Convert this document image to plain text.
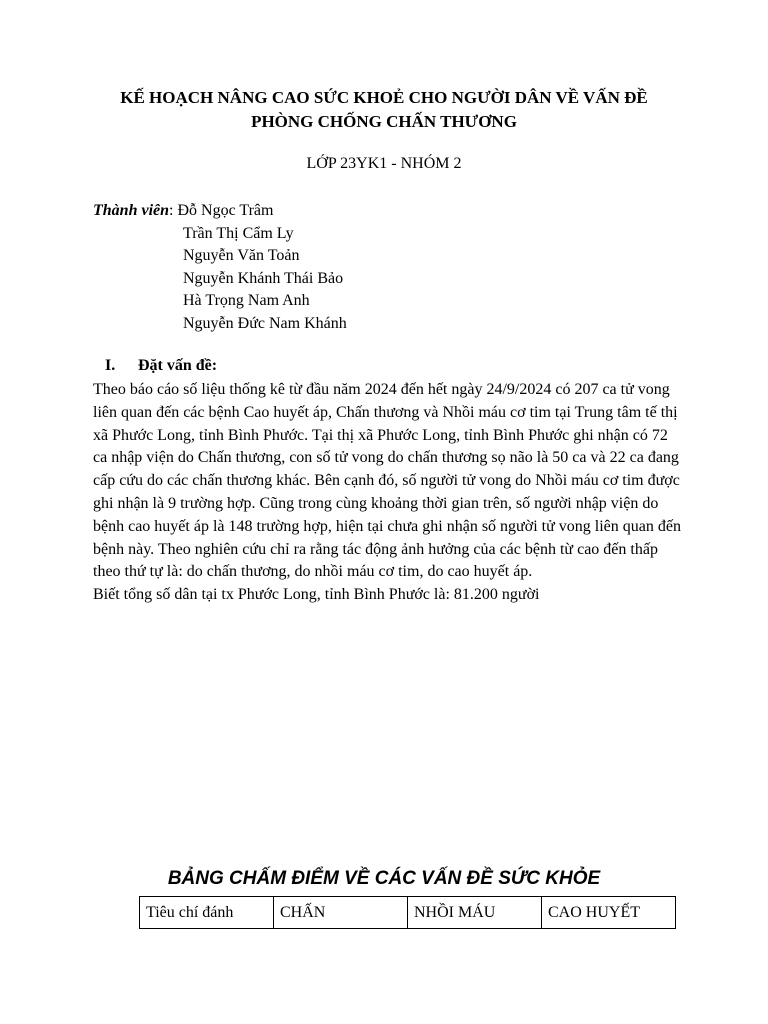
KẾ HOẠCH NÂNG CAO SỨC KHOẺ CHO NGƯỜI DÂN VỀ VẤN ĐỀ
PHÒNG CHỐNG CHẤN THƯƠNG
LỚP 23YK1 - NHÓM 2
Thành viên: Đỗ Ngọc Trâm
Trần Thị Cẩm Ly
Nguyễn Văn Toản
Nguyễn Khánh Thái Bảo
Hà Trọng Nam Anh
Nguyễn Đức Nam Khánh
I. Đặt vấn đề:

Theo báo cáo số liệu thống kê từ đầu năm 2024 đến hết ngày 24/9/2024 có 207 ca tử vong liên quan đến các bệnh Cao huyết áp, Chấn thương và Nhồi máu cơ tim tại Trung tâm tế thị xã Phước Long, tỉnh Bình Phước. Tại thị xã Phước Long, tỉnh Bình Phước ghi nhận có 72 ca nhập viện do Chấn thương, con số tử vong do chấn thương sọ não là 50 ca và 22 ca đang cấp cứu do các chấn thương khác. Bên cạnh đó, số người tử vong do Nhồi máu cơ tim được ghi nhận là 9 trường hợp. Cũng trong cùng khoảng thời gian trên, số người nhập viện do bệnh cao huyết áp là 148 trường hợp, hiện tại chưa ghi nhận số người tử vong liên quan đến bệnh này. Theo nghiên cứu chỉ ra rằng tác động ảnh hưởng của các bệnh từ cao đến thấp theo thứ tự là: do chấn thương, do nhồi máu cơ tim, do cao huyết áp.

Biết tổng số dân tại tx Phước Long, tỉnh Bình Phước là: 81.200 người

BẢNG CHẤM ĐIỂM VỀ CÁC VẤN ĐỀ SỨC KHỎE
Tiêu chí đánh	CHẤN	NHỒI MÁU	CAO HUYẾT
